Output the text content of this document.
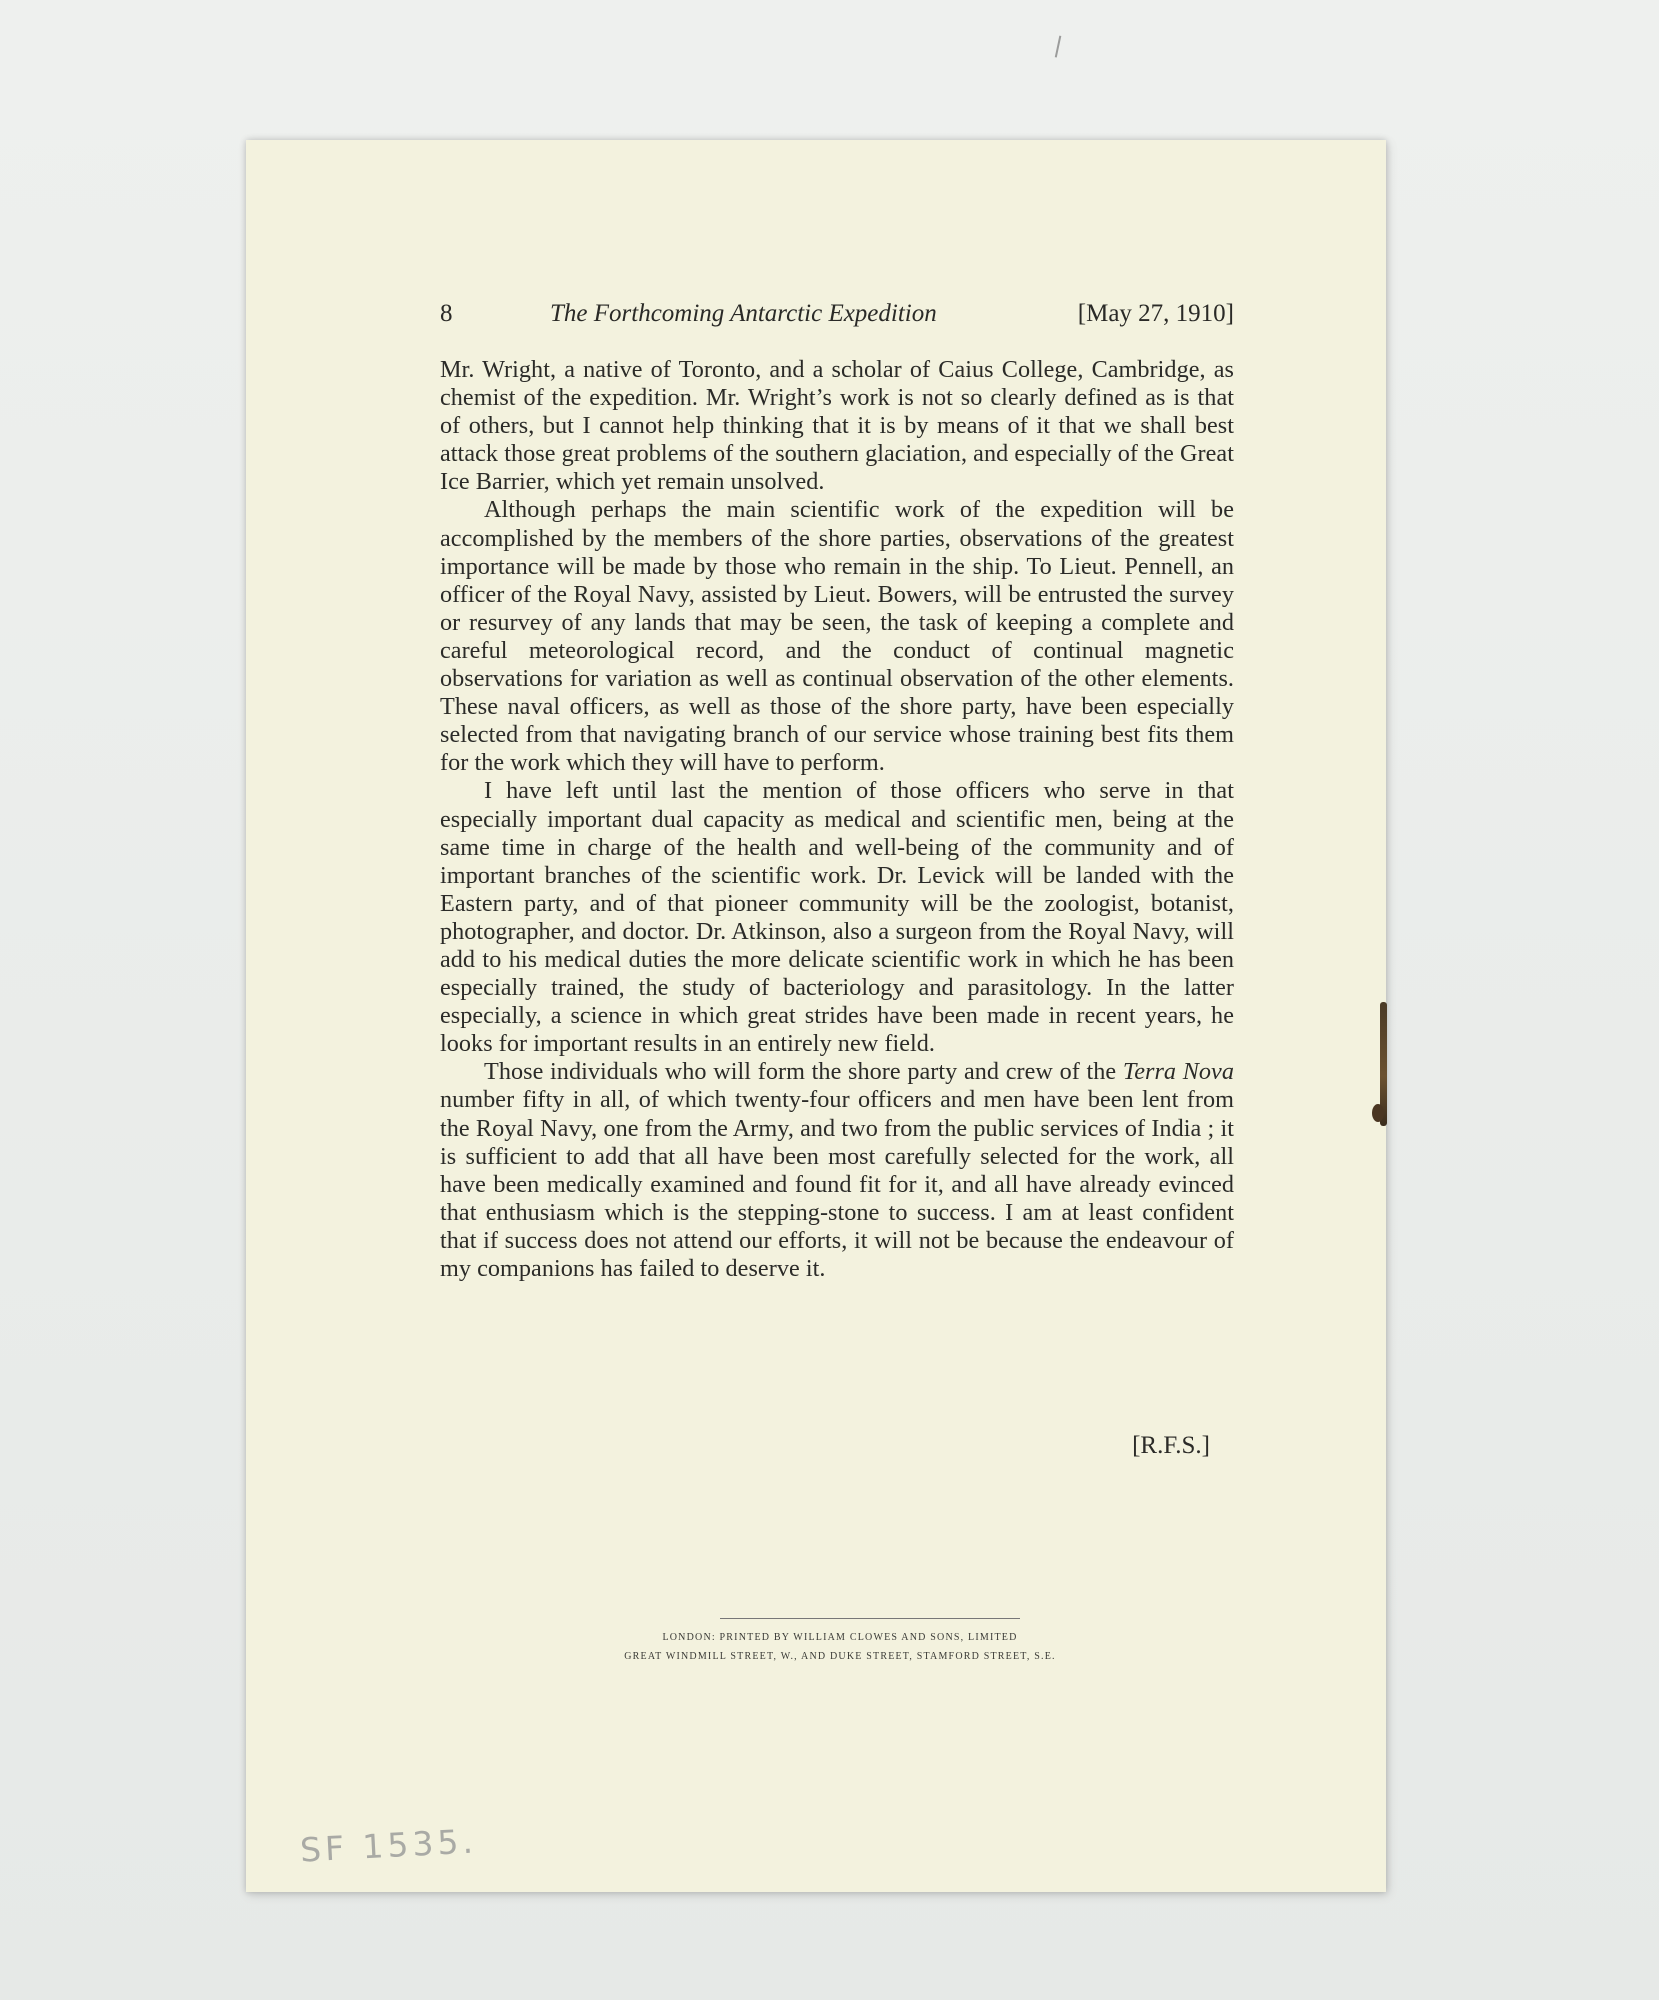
8	The Forthcoming Antarctic Expedition	[May 27, 1910]

Mr. Wright, a native of Toronto, and a scholar of Caius College, Cambridge, as chemist of the expedition. Mr. Wright’s work is not so clearly defined as is that of others, but I cannot help thinking that it is by means of it that we shall best attack those great problems of the southern glaciation, and especially of the Great Ice Barrier, which yet remain unsolved.

Although perhaps the main scientific work of the expedition will be accomplished by the members of the shore parties, observations of the greatest importance will be made by those who remain in the ship. To Lieut. Pennell, an officer of the Royal Navy, assisted by Lieut. Bowers, will be entrusted the survey or resurvey of any lands that may be seen, the task of keeping a complete and careful meteorological record, and the conduct of continual magnetic observations for variation as well as continual observation of the other elements. These naval officers, as well as those of the shore party, have been especially selected from that navigating branch of our service whose training best fits them for the work which they will have to perform.

I have left until last the mention of those officers who serve in that especially important dual capacity as medical and scientific men, being at the same time in charge of the health and well-being of the community and of important branches of the scientific work. Dr. Levick will be landed with the Eastern party, and of that pioneer community will be the zoologist, botanist, photographer, and doctor. Dr. Atkinson, also a surgeon from the Royal Navy, will add to his medical duties the more delicate scientific work in which he has been especially trained, the study of bacteriology and parasitology. In the latter especially, a science in which great strides have been made in recent years, he looks for important results in an entirely new field.

Those individuals who will form the shore party and crew of the Terra Nova number fifty in all, of which twenty-four officers and men have been lent from the Royal Navy, one from the Army, and two from the public services of India ; it is sufficient to add that all have been most carefully selected for the work, all have been medically examined and found fit for it, and all have already evinced that enthusiasm which is the stepping-stone to success. I am at least confident that if success does not attend our efforts, it will not be because the endeavour of my companions has failed to deserve it.

[R.F.S.]
LONDON: PRINTED BY WILLIAM CLOWES AND SONS, LIMITED
GREAT WINDMILL STREET, W., AND DUKE STREET, STAMFORD STREET, S.E.
SF 1535.
